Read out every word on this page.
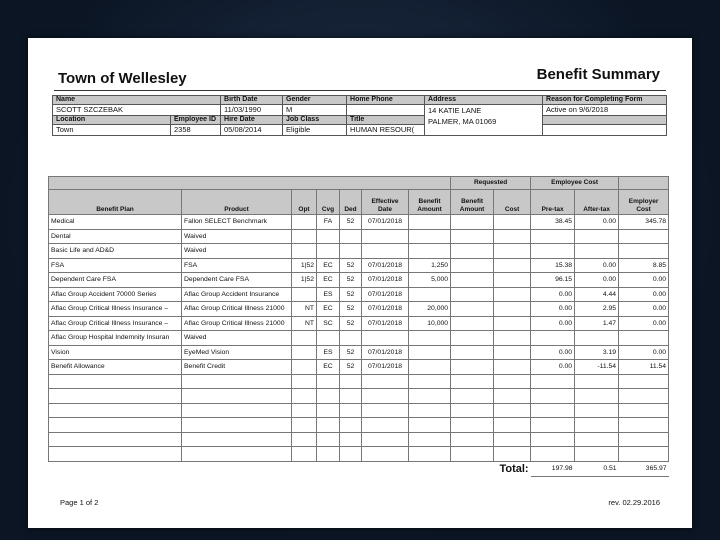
Town of Wellesley	Benefit Summary
Name		Birth Date	Gender	Home Phone	Address	Reason for Completing Form
SCOTT SZCZEBAK		11/03/1990	M		14 KATIE LANE
PALMER, MA 01069	Active on 9/6/2018
Location	Employee ID	Hire Date	Job Class	Title		
Town	2358	05/08/2014	Eligible	HUMAN RESOUR(		
							Requested		Employee Cost		
Benefit Plan	Product	Opt	Cvg	Ded	Effective Date	Benefit Amount	Benefit Amount	Cost	Pre-tax	After-tax	Employer Cost
Medical	Fallon SELECT Benchmark		FA	52	07/01/2018				38.45	0.00	345.78
Dental	Waived										
Basic Life and AD&D	Waived										
FSA	FSA	1|52	EC	52	07/01/2018	1,250			15.38	0.00	8.85
Dependent Care FSA	Dependent Care FSA	1|52	EC	52	07/01/2018	5,000			96.15	0.00	0.00
Aflac Group Accident 70000 Series	Aflac Group Accident Insurance		ES	52	07/01/2018				0.00	4.44	0.00
Aflac Group Critical Illness Insurance –	Aflac Group Critical Illness 21000	NT	EC	52	07/01/2018	20,000			0.00	2.95	0.00
Aflac Group Critical Illness Insurance –	Aflac Group Critical Illness 21000	NT	SC	52	07/01/2018	10,000			0.00	1.47	0.00
Aflac Group Hospital Indemnity Insuran	Waived										
Vision	EyeMed Vision		ES	52	07/01/2018				0.00	3.19	0.00
Benefit Allowance	Benefit Credit		EC	52	07/01/2018				0.00	-11.54	11.54

								Total:	197.98	0.51	365.97
Page 1 of 2	rev. 02.29.2016
